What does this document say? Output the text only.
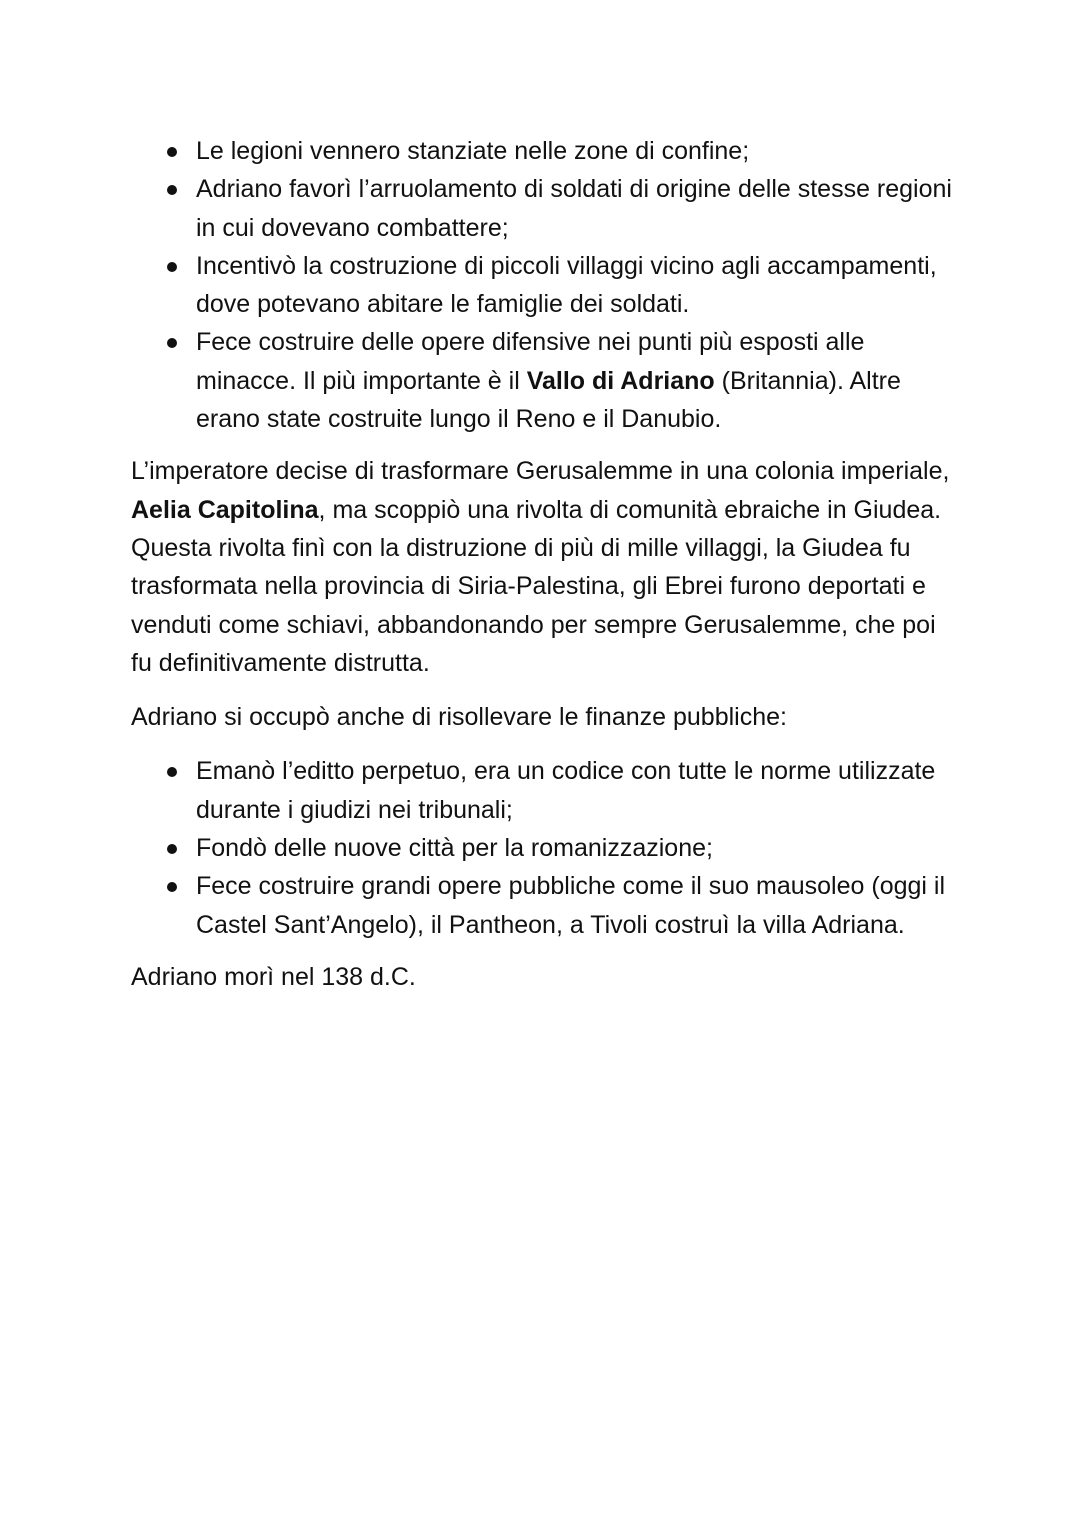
Le legioni vennero stanziate nelle zone di confine;
Adriano favorì l’arruolamento di soldati di origine delle stesse regioni in cui dovevano combattere;
Incentivò la costruzione di piccoli villaggi vicino agli accampamenti, dove potevano abitare le famiglie dei soldati.
Fece costruire delle opere difensive nei punti più esposti alle minacce. Il più importante è il Vallo di Adriano (Britannia). Altre erano state costruite lungo il Reno e il Danubio.

L’imperatore decise di trasformare Gerusalemme in una colonia imperiale, Aelia Capitolina, ma scoppiò una rivolta di comunità ebraiche in Giudea. Questa rivolta finì con la distruzione di più di mille villaggi, la Giudea fu trasformata nella provincia di Siria-Palestina, gli Ebrei furono deportati e venduti come schiavi, abbandonando per sempre Gerusalemme, che poi fu definitivamente distrutta.

Adriano si occupò anche di risollevare le finanze pubbliche:

Emanò l’editto perpetuo, era un codice con tutte le norme utilizzate durante i giudizi nei tribunali;
Fondò delle nuove città per la romanizzazione;
Fece costruire grandi opere pubbliche come il suo mausoleo (oggi il Castel Sant’Angelo), il Pantheon, a Tivoli costruì la villa Adriana.

Adriano morì nel 138 d.C.
